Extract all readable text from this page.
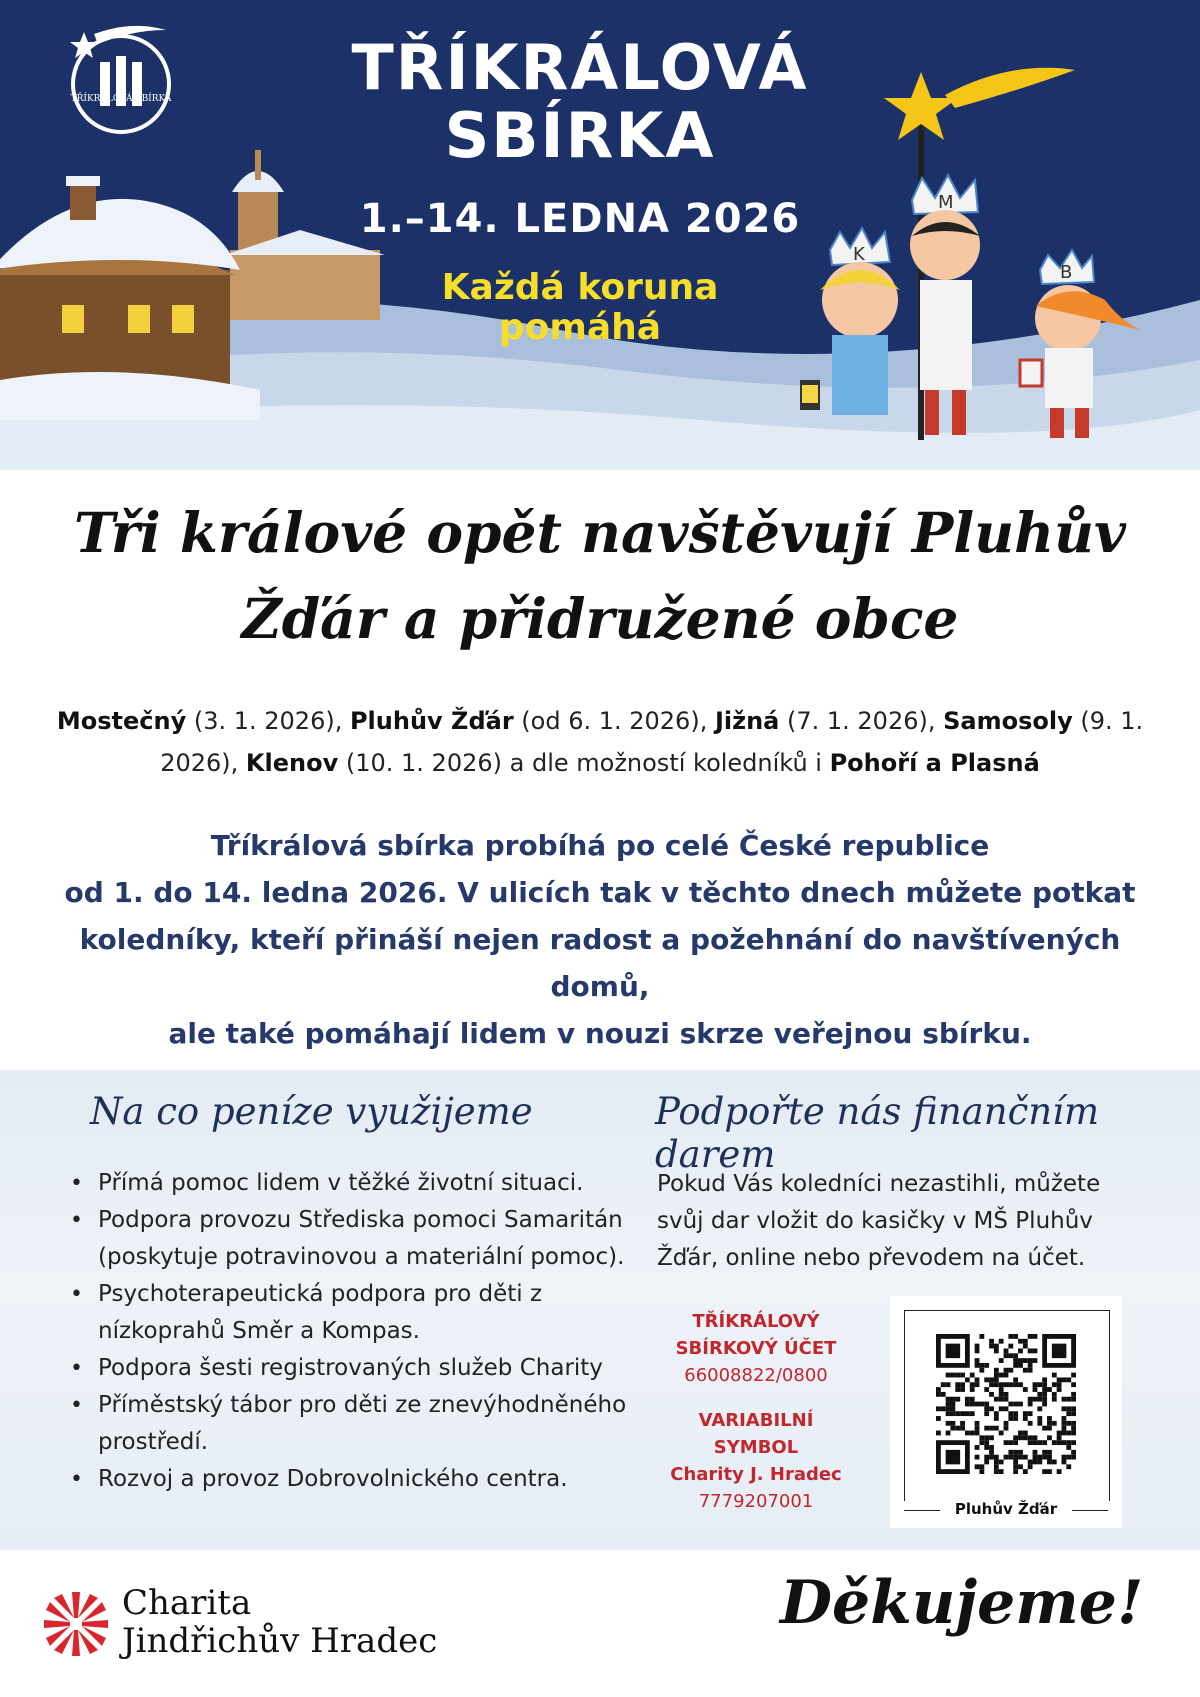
TŘÍKRÁLOVÁ SBÍRKA	TŘÍKRÁLOVÁ
SBÍRKA
1.–14. LEDNA 2026
Každá koruna
pomáhá
K
M
B
Tři králové opět navštěvují Pluhův
Žďár a přidružené obce
Mostečný (3. 1. 2026), Pluhův Žďár (od 6. 1. 2026), Jižná (7. 1. 2026), Samosoly (9. 1. 2026), Klenov (10. 1. 2026) a dle možností koledníků i Pohoří a Plasná
Tříkrálová sbírka probíhá po celé České republice
od 1. do 14. ledna 2026. V ulicích tak v těchto dnech můžete potkat
koledníky, kteří přináší nejen radost a požehnání do navštívených domů,
ale také pomáhají lidem v nouzi skrze veřejnou sbírku.
Na co peníze využijeme
• Přímá pomoc lidem v těžké životní situaci.
• Podpora provozu Střediska pomoci Samaritán (poskytuje potravinovou a materiální pomoc).
• Psychoterapeutická podpora pro děti z nízkoprahů Směr a Kompas.
• Podpora šesti registrovaných služeb Charity
• Příměstský tábor pro děti ze znevýhodněného prostředí.
• Rozvoj a provoz Dobrovolnického centra.
Podpořte nás finančním darem
Pokud Vás koledníci nezastihli, můžete svůj dar vložit do kasičky v MŠ Pluhův Žďár, online nebo převodem na účet.
TŘÍKRÁLOVÝ
SBÍRKOVÝ ÚČET
66008822/0800
VARIABILNÍ
SYMBOL
Charity J. Hradec
7779207001	Pluhův Žďár
Charita
Jindřichův Hradec
Děkujeme!
